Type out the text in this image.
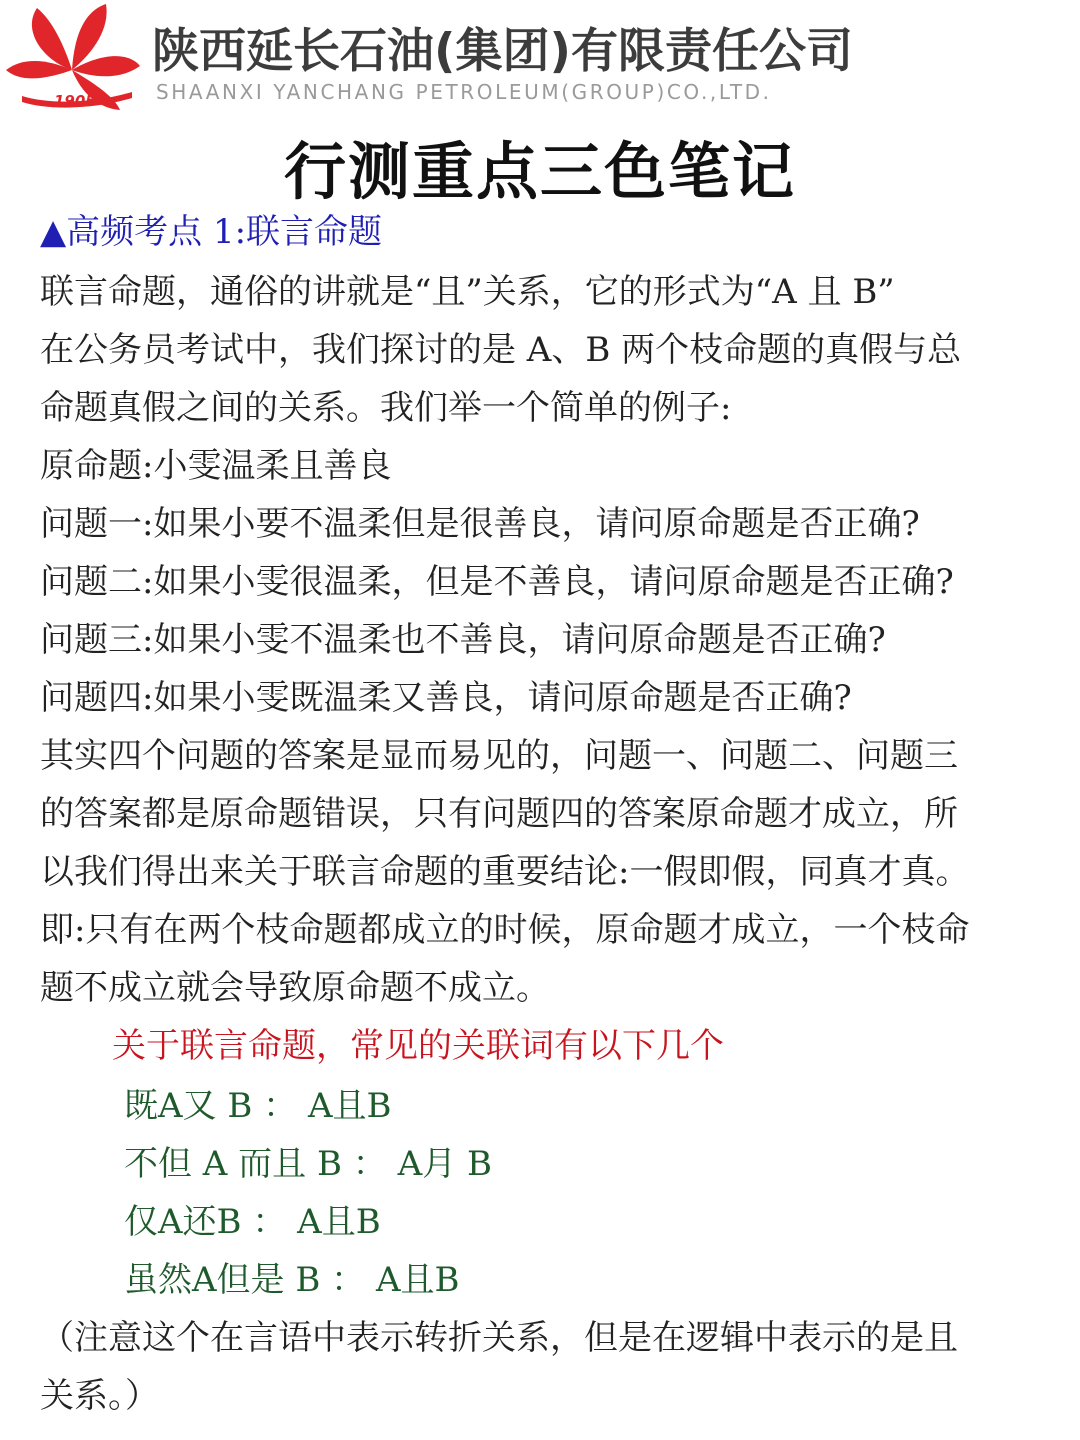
1905
陕西延长石油(集团)有限责任公司
SHAANXI YANCHANG PETROLEUM(GROUP)CO.,LTD.
行测重点三色笔记
▲高频考点 1:联言命题
联言命题，通俗的讲就是“且”关系，它的形式为“A 且 B”
在公务员考试中，我们探讨的是 A、B 两个枝命题的真假与总
命题真假之间的关系。我们举一个简单的例子:
原命题:小雯温柔且善良
问题一:如果小要不温柔但是很善良，请问原命题是否正确?
问题二:如果小雯很温柔，但是不善良，请问原命题是否正确?
问题三:如果小雯不温柔也不善良，请问原命题是否正确?
问题四:如果小雯既温柔又善良，请问原命题是否正确?
其实四个问题的答案是显而易见的，问题一、问题二、问题三
的答案都是原命题错误，只有问题四的答案原命题才成立，所
以我们得出来关于联言命题的重要结论:一假即假，同真才真。
即:只有在两个枝命题都成立的时候，原命题才成立，一个枝命
题不成立就会导致原命题不成立。
关于联言命题，常见的关联词有以下几个
既A又 B ： A且B
不但 A 而且 B ： A月 B
仅A还B ： A且B
虽然A但是 B ： A且B
（注意这个在言语中表示转折关系，但是在逻辑中表示的是且
关系。）
